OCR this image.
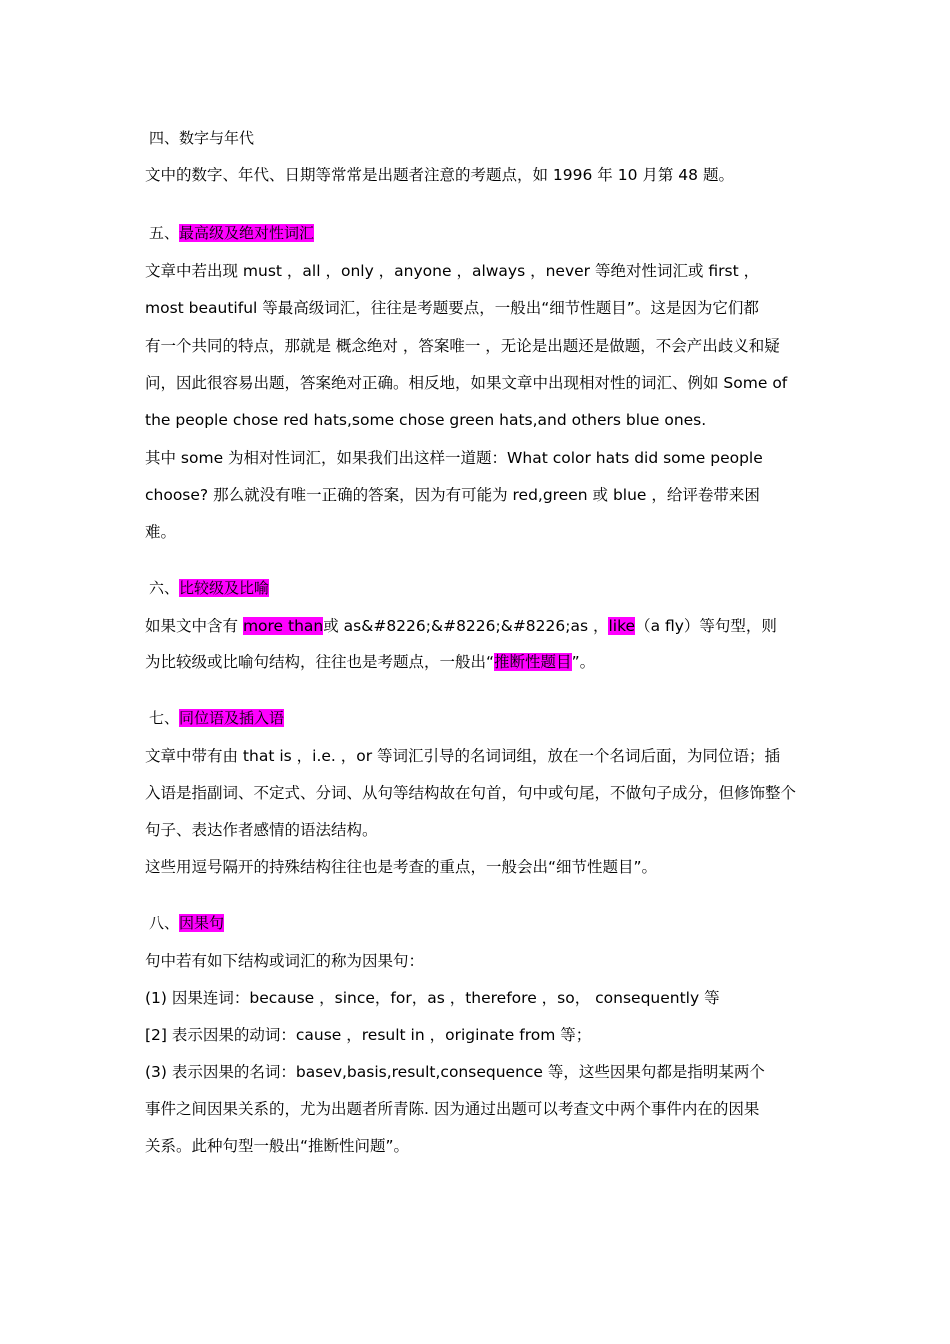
四、数字与年代
文中的数字、年代、日期等常常是出题者注意的考题点，如 1996 年 10 月第 48 题。
五、最高级及绝对性词汇
文章中若出现 must ，all ，only ，anyone ，always ，never 等绝对性词汇或 first ，
most beautiful 等最高级词汇，往往是考题要点，一般出“细节性题目”。这是因为它们都
有一个共同的特点，那就是 概念绝对 ，答案唯一 ，无论是出题还是做题，不会产出歧义和疑
问，因此很容易出题，答案绝对正确。相反地，如果文章中出现相对性的词汇、例如 Some of
the people chose red hats,some chose green hats,and others blue ones.
其中 some 为相对性词汇，如果我们出这样一道题：What color hats did some people
choose? 那么就没有唯一正确的答案，因为有可能为 red,green 或 blue ，给评卷带来困
难。
六、比较级及比喻
如果文中含有 more than或 as&#8226;&#8226;&#8226;as ，like（a fly）等句型，则
为比较级或比喻句结构，往往也是考题点，一般出“推断性题目”。
七、同位语及插入语
文章中带有由 that is ，i.e. ，or 等词汇引导的名词词组，放在一个名词后面，为同位语；插
入语是指副词、不定式、分词、从句等结构故在句首，句中或句尾，不做句子成分，但修饰整个
句子、表达作者感情的语法结构。
这些用逗号隔开的持殊结构往往也是考查的重点，一般会出“细节性题目”。
八、因果句
句中若有如下结构或词汇的称为因果句：
(1) 因果连词：because ，since，for，as ，therefore ，so， consequently 等
[2] 表示因果的动词：cause ，result in ，originate from 等；
(3) 表示因果的名词：basev,basis,result,consequence 等，这些因果句都是指明某两个
事件之间因果关系的，尤为出题者所青陈. 因为通过出题可以考查文中两个事件内在的因果
关系。此种句型一般出“推断性问题”。
